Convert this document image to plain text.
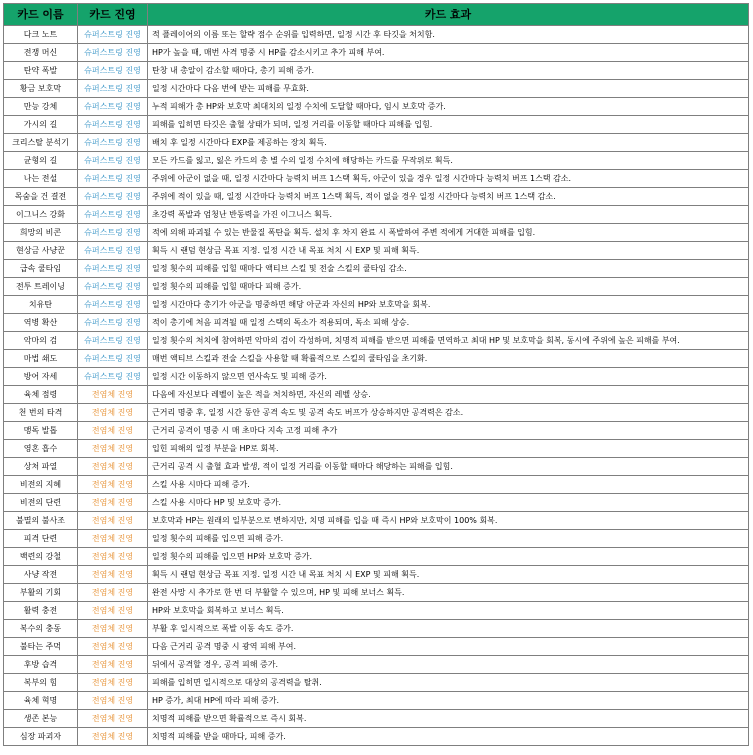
카드 이름	카드 진영	카드 효과
다크 노트	슈퍼스트링 진영	적 플레이어의 이름 또는 할략 점수 순위를 입력하면, 일정 시간 후 타깃을 처치함.
전쟁 머신	슈퍼스트링 진영	HP가 높을 때, 매번 사격 명중 시 HP를 감소시키고 추가 피해 부여.
탄약 폭발	슈퍼스트링 진영	탄창 내 총알이 감소할 때마다, 총기 피해 증가.
황금 보호막	슈퍼스트링 진영	일정 시간마다 다음 번에 받는 피해를 무효화.
만능 강체	슈퍼스트링 진영	누적 피해가 총 HP와 보호막 최대치의 일정 수치에 도달할 때마다, 임시 보호막 증가.
가시의 길	슈퍼스트링 진영	피해를 입히면 타깃은 출혈 상태가 되며, 일정 거리를 이동할 때마다 피해를 입힘.
크리스탈 분석기	슈퍼스트링 진영	배치 후 일정 시간마다 EXP를 제공하는 장치 획득.
균형의 길	슈퍼스트링 진영	모든 카드를 잃고, 잃은 카드의 총 별 수의 일정 수치에 해당하는 카드를 무작위로 획득.
나는 전설	슈퍼스트링 진영	주위에 아군이 없을 때, 일정 시간마다 능력치 버프 1스택 획득, 아군이 있을 경우 일정 시간마다 능력치 버프 1스택 감소.
목숨을 건 결전	슈퍼스트링 진영	주위에 적이 있을 때, 일정 시간마다 능력치 버프 1스택 획득, 적이 없을 경우 일정 시간마다 능력치 버프 1스택 감소.
이그니스 강화	슈퍼스트링 진영	초강력 폭발과 엄청난 반동력을 가진 이그니스 획득.
희망의 비콘	슈퍼스트링 진영	적에 의해 파괴될 수 있는 반물질 폭탄을 획득. 설치 후 차지 완료 시 폭발하여 주변 적에게 거대한 피해를 입힘.
현상금 사냥꾼	슈퍼스트링 진영	획득 시 랜덤 현상금 목표 지정. 일정 시간 내 목표 처치 시 EXP 및 피해 획득.
급속 쿨타임	슈퍼스트링 진영	일정 횟수의 피해를 입힐 때마다 액티브 스킬 및 전술 스킬의 쿨타임 감소.
전투 트레이닝	슈퍼스트링 진영	일정 횟수의 피해를 입힐 때마다 피해 증가.
치유탄	슈퍼스트링 진영	일정 시간마다 총기가 아군을 명중하면 해당 아군과 자신의 HP와 보호막을 회복.
역병 확산	슈퍼스트링 진영	적이 총기에 처음 피격될 때 일정 스택의 독소가 적용되며, 독소 피해 상승.
악마의 검	슈퍼스트링 진영	일정 횟수의 처치에 참여하면 악마의 검이 각성하며, 치명적 피해를 받으면 피해를 면역하고 최대 HP 및 보호막을 회복, 동시에 주위에 높은 피해를 부여.
마법 쇄도	슈퍼스트링 진영	매번 액티브 스킬과 전술 스킬을 사용할 때 확률적으로 스킬의 쿨타임을 초기화.
방어 자세	슈퍼스트링 진영	일정 시간 이동하지 않으면 연사속도 및 피해 증가.
육체 점령	전염체 진영	다음에 자신보다 레벨이 높은 적을 처치하면, 자신의 레벨 상승.
천 번의 타격	전염체 진영	근거리 명중 후, 일정 시간 동안 공격 속도 및 공격 속도 버프가 상승하지만 공격력은 감소.
맹독 발톱	전염체 진영	근거리 공격이 명중 시 매 초마다 지속 고정 피해 추가
영혼 흡수	전염체 진영	입힌 피해의 일정 부분을 HP로 회복.
상처 파열	전염체 진영	근거리 공격 시 출혈 효과 발생, 적이 일정 거리를 이동할 때마다 해당하는 피해를 입힘.
비전의 지혜	전염체 진영	스킬 사용 시마다 피해 증가.
비전의 단련	전염체 진영	스킬 사용 시마다 HP 및 보호막 증가.
불멸의 불사조	전염체 진영	보호막과 HP는 원래의 일부분으로 변하지만, 치명 피해를 입을 때 즉시 HP와 보호막이 100% 회복.
피격 단련	전염체 진영	일정 횟수의 피해를 입으면 피해 증가.
백련의 강철	전염체 진영	일정 횟수의 피해를 입으면 HP와 보호막 증가.
사냥 작전	전염체 진영	획득 시 랜덤 현상금 목표 지정. 일정 시간 내 목표 처치 시 EXP 및 피해 획득.
부활의 기회	전염체 진영	완전 사망 시 추가로 한 번 더 부활할 수 있으며, HP 및 피해 보너스 획득.
활력 충전	전염체 진영	HP와 보호막을 회복하고 보너스 획득.
복수의 충동	전염체 진영	부활 후 일시적으로 폭발 이동 속도 증가.
불타는 주먹	전염체 진영	다음 근거리 공격 명중 시 광역 피해 부여.
후방 습격	전염체 진영	뒤에서 공격할 경우, 공격 피해 증가.
복부의 힘	전염체 진영	피해를 입히면 일시적으로 대상의 공격력을 탈취.
육체 혁명	전염체 진영	HP 증가, 최대 HP에 따라 피해 증가.
생존 본능	전염체 진영	치명적 피해를 받으면 확률적으로 즉시 회복.
심장 파괴자	전염체 진영	치명적 피해를 받을 때마다, 피해 증가.
